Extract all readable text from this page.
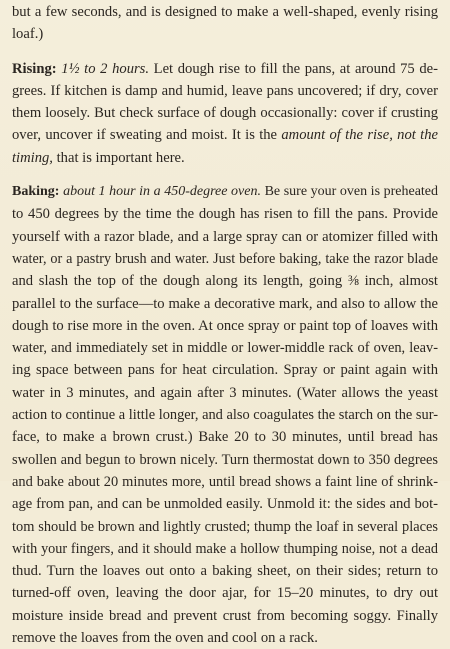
but a few seconds, and is designed to make a well-shaped, evenly rising
loaf.)
Rising: 1½ to 2 hours. Let dough rise to fill the pans, at around 75 de-
grees. If kitchen is damp and humid, leave pans uncovered; if dry, cover
them loosely. But check surface of dough occasionally: cover if crusting
over, uncover if sweating and moist. It is the amount of the rise, not the
timing, that is important here.
Baking: about 1 hour in a 450-degree oven. Be sure your oven is preheated
to 450 degrees by the time the dough has risen to fill the pans. Provide
yourself with a razor blade, and a large spray can or atomizer filled with
water, or a pastry brush and water. Just before baking, take the razor blade
and slash the top of the dough along its length, going ⅜ inch, almost
parallel to the surface—to make a decorative mark, and also to allow the
dough to rise more in the oven. At once spray or paint top of loaves with
water, and immediately set in middle or lower-middle rack of oven, leav-
ing space between pans for heat circulation. Spray or paint again with
water in 3 minutes, and again after 3 minutes. (Water allows the yeast
action to continue a little longer, and also coagulates the starch on the sur-
face, to make a brown crust.) Bake 20 to 30 minutes, until bread has
swollen and begun to brown nicely. Turn thermostat down to 350 degrees
and bake about 20 minutes more, until bread shows a faint line of shrink-
age from pan, and can be unmolded easily. Unmold it: the sides and bot-
tom should be brown and lightly crusted; thump the loaf in several places
with your fingers, and it should make a hollow thumping noise, not a dead
thud. Turn the loaves out onto a baking sheet, on their sides; return to
turned-off oven, leaving the door ajar, for 15–20 minutes, to dry out
moisture inside bread and prevent crust from becoming soggy. Finally
remove the loaves from the oven and cool on a rack.
